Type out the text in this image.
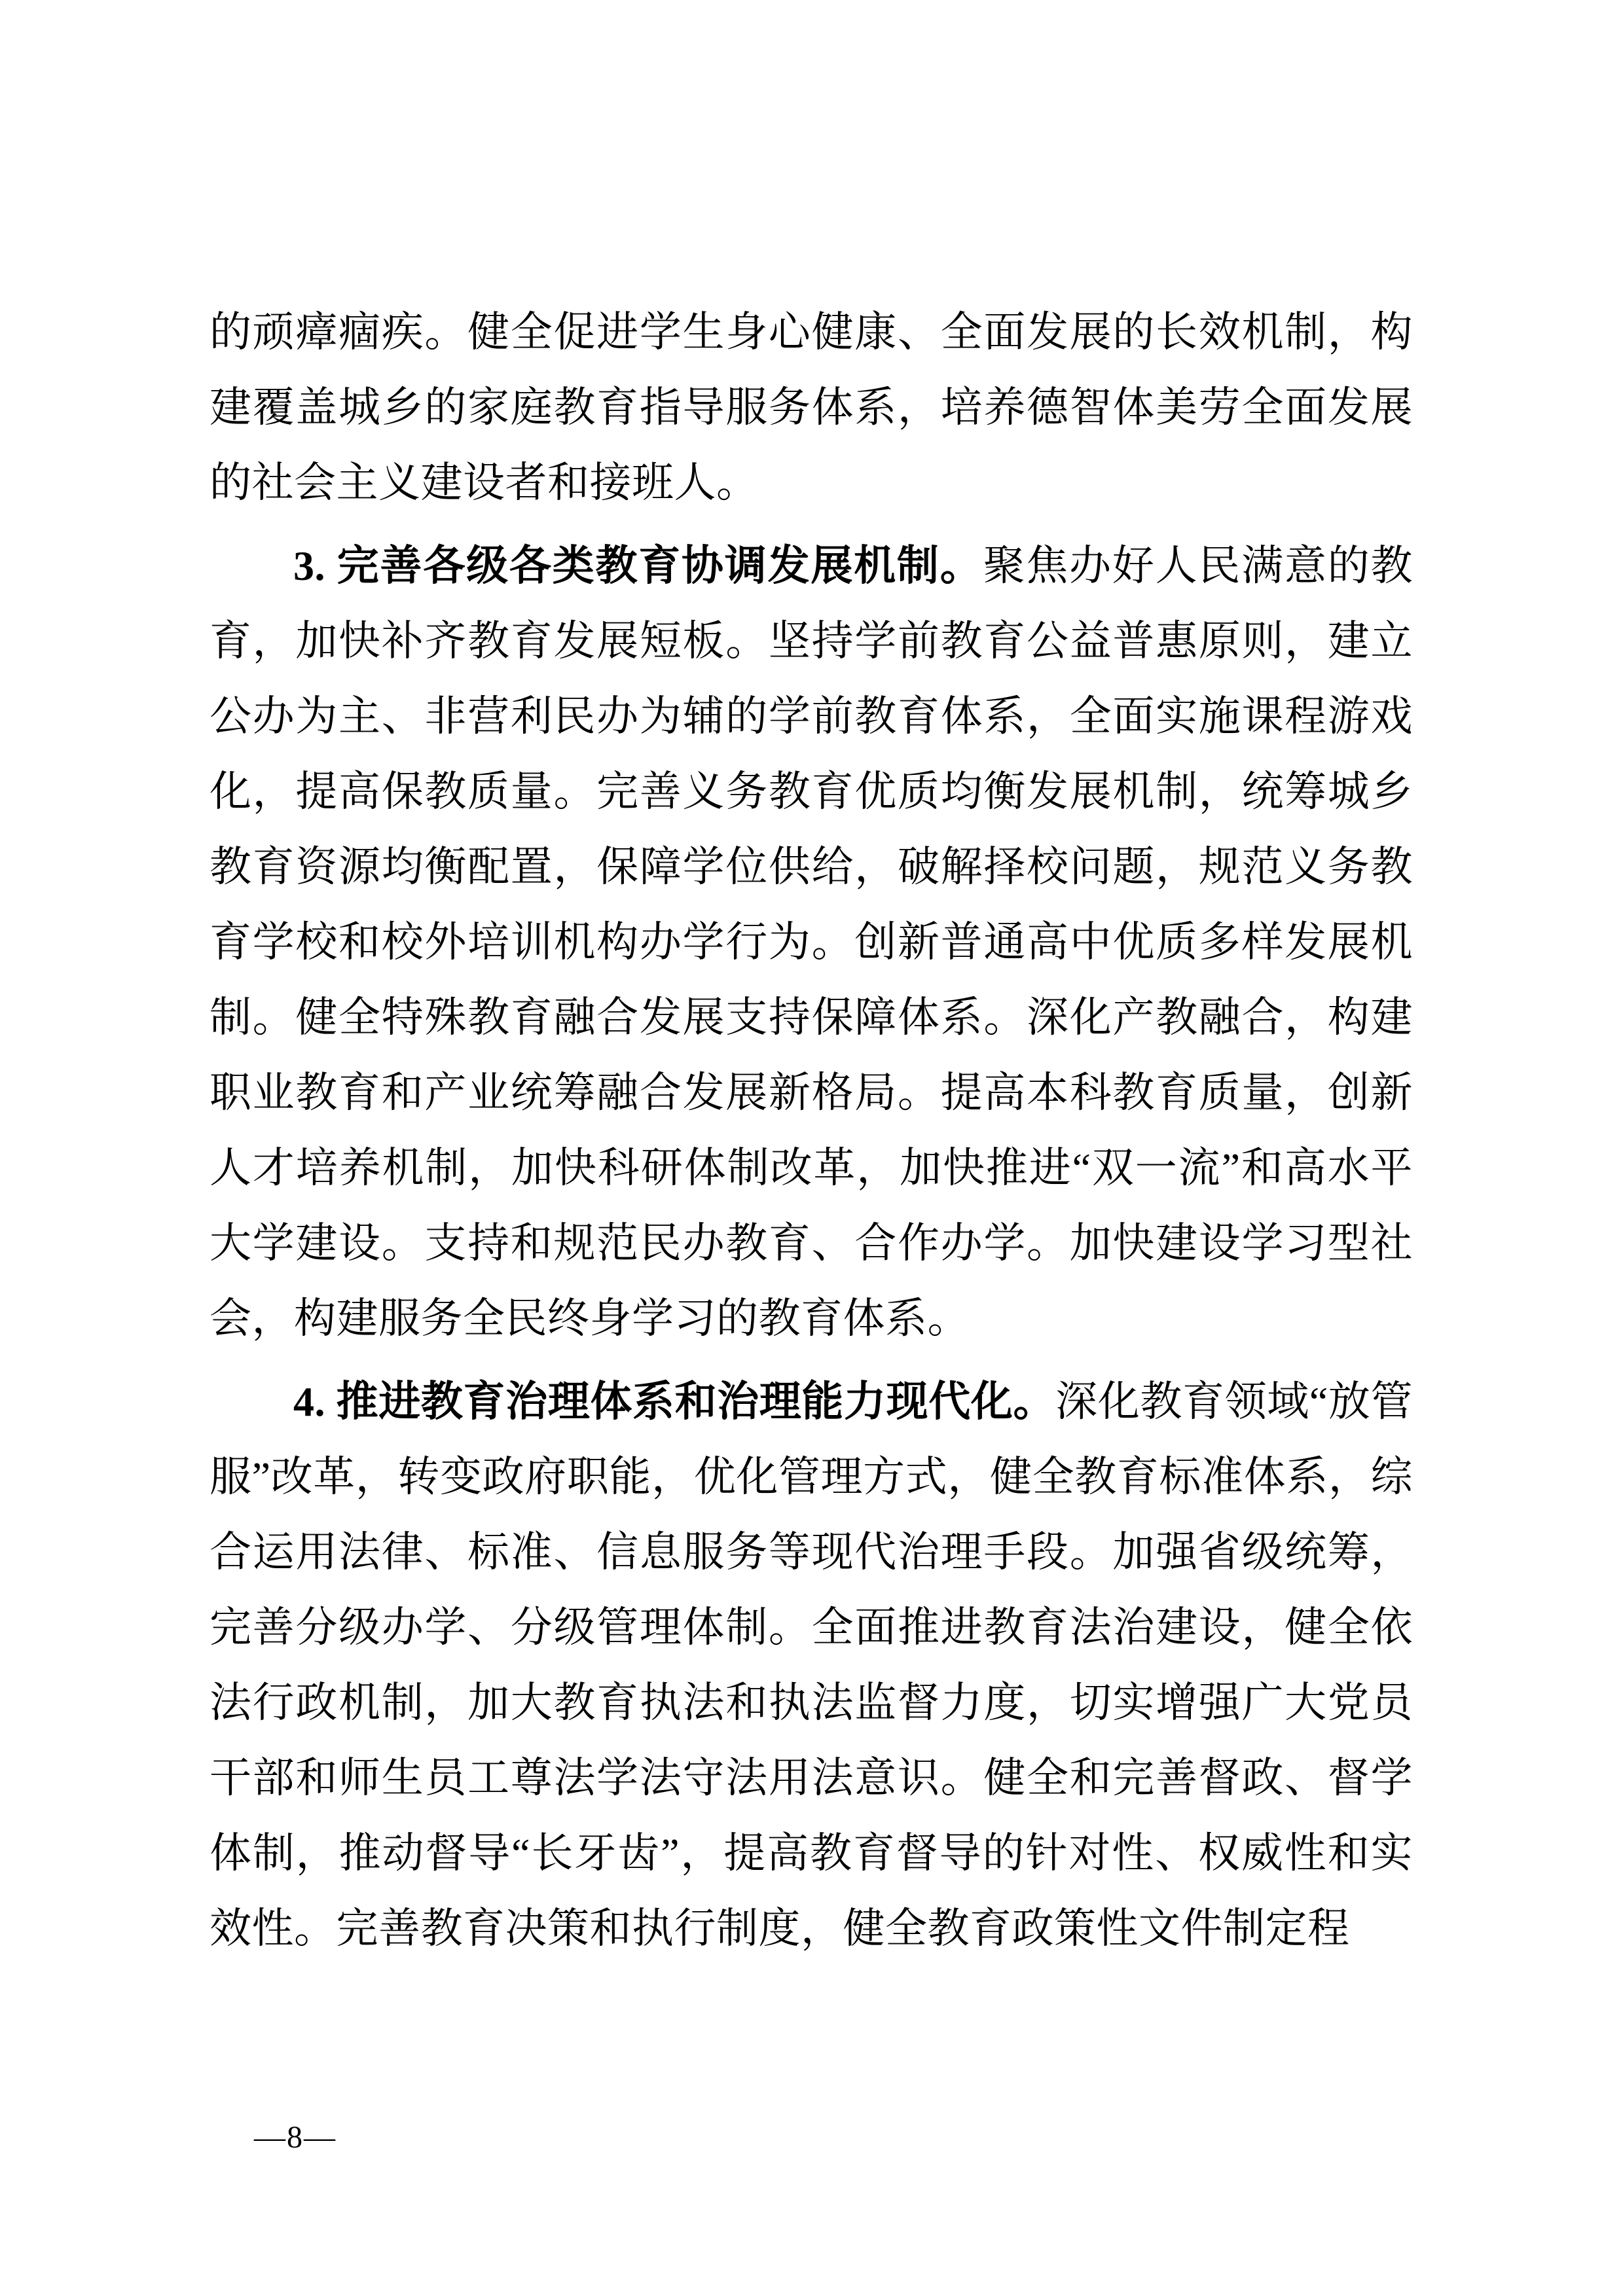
的顽瘴痼疾。健全促进学生身心健康、全面发展的长效机制，构建覆盖城乡的家庭教育指导服务体系，培养德智体美劳全面发展的社会主义建设者和接班人。

3. 完善各级各类教育协调发展机制。聚焦办好人民满意的教育，加快补齐教育发展短板。坚持学前教育公益普惠原则，建立公办为主、非营利民办为辅的学前教育体系，全面实施课程游戏化，提高保教质量。完善义务教育优质均衡发展机制，统筹城乡教育资源均衡配置，保障学位供给，破解择校问题，规范义务教育学校和校外培训机构办学行为。创新普通高中优质多样发展机制。健全特殊教育融合发展支持保障体系。深化产教融合，构建职业教育和产业统筹融合发展新格局。提高本科教育质量，创新人才培养机制，加快科研体制改革，加快推进“双一流”和高水平大学建设。支持和规范民办教育、合作办学。加快建设学习型社会，构建服务全民终身学习的教育体系。

4. 推进教育治理体系和治理能力现代化。深化教育领域“放管服”改革，转变政府职能，优化管理方式，健全教育标准体系，综合运用法律、标准、信息服务等现代治理手段。加强省级统筹，完善分级办学、分级管理体制。全面推进教育法治建设，健全依法行政机制，加大教育执法和执法监督力度，切实增强广大党员干部和师生员工尊法学法守法用法意识。健全和完善督政、督学体制，推动督导“长牙齿”，提高教育督导的针对性、权威性和实效性。完善教育决策和执行制度，健全教育政策性文件制定程

—8—
